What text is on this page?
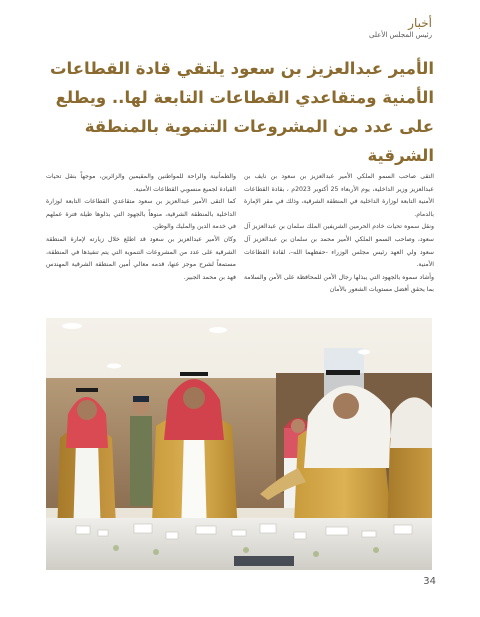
أخبار
رئيس المجلس الأعلى
الأمير عبدالعزيز بن سعود يلتقي قادة القطاعات الأمنية ومتقاعدي القطاعات التابعة لها.. ويطلع على عدد من المشروعات التنموية بالمنطقة الشرقية

التقى صاحب السمو الملكي الأمير عبدالعزيز بن سعود بن نايف بن عبدالعزيز وزير الداخلية، يوم الأربعاء 25 أكتوبر 2023م ، بقادة القطاعات الأمنية التابعة لوزارة الداخلية في المنطقة الشرقية، وذلك في مقر الإمارة بالدمام.

ونقل سموه تحيات خادم الحرمين الشريفين الملك سلمان بن عبدالعزيز آل سعود، وصاحب السمو الملكي الأمير محمد بن سلمان بن عبدالعزيز آل سعود ولي العهد رئيس مجلس الوزراء -حفظهما الله-، لقادة القطاعات الأمنية.

وأشاد سموه بالجهود التي يبذلها رجال الأمن للمحافظة على الأمن والسلامة بما يحقق أفضل مستويات الشعور بالأمان

والطمأنينة والراحة للمواطنين والمقيمين والزائرين، موجهاً بنقل تحيات القيادة لجميع منسوبي القطاعات الأمنية.

كما التقى الأمير عبدالعزيز بن سعود متقاعدي القطاعات التابعة لوزارة الداخلية بالمنطقة الشرقية، منوهاً بالجهود التي بذلوها طيلة فترة عملهم في خدمة الدين والمليك والوطن.

وكان الأمير عبدالعزيز بن سعود قد اطلع خلال زيارته لإمارة المنطقة الشرقية على عدد من المشروعات التنموية التي يتم تنفيذها في المنطقة، مستمعاً لشرح موجز عنها، قدمه معالي أمين المنطقة الشرقية المهندس فهد بن محمد الجبير.

34
